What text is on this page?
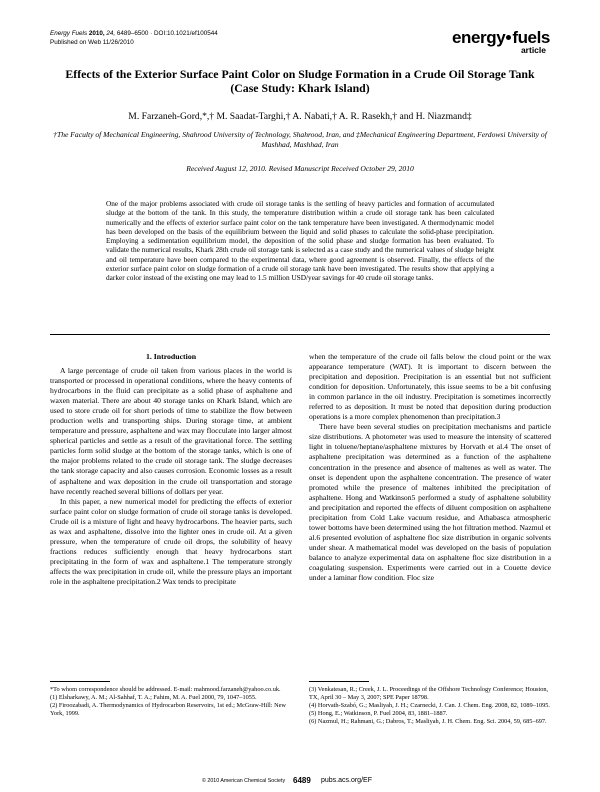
Energy Fuels 2010, 24, 6489–6500 · DOI:10.1021/ef100544
Published on Web 11/26/2010	energy fuels
article
Effects of the Exterior Surface Paint Color on Sludge Formation in a Crude Oil Storage Tank (Case Study: Khark Island)
M. Farzaneh-Gord,*,† M. Saadat-Targhi,† A. Nabati,† A. R. Rasekh,† and H. Niazmand‡
†The Faculty of Mechanical Engineering, Shahrood University of Technology, Shahrood, Iran, and ‡Mechanical Engineering Department, Ferdowsi University of Mashhad, Mashhad, Iran
Received August 12, 2010. Revised Manuscript Received October 29, 2010
One of the major problems associated with crude oil storage tanks is the settling of heavy particles and formation of accumulated sludge at the bottom of the tank. In this study, the temperature distribution within a crude oil storage tank has been calculated numerically and the effects of exterior surface paint color on the tank temperature have been investigated. A thermodynamic model has been developed on the basis of the equilibrium between the liquid and solid phases to calculate the solid-phase precipitation. Employing a sedimentation equilibrium model, the deposition of the solid phase and sludge formation has been evaluated. To validate the numerical results, Khark 28th crude oil storage tank is selected as a case study and the numerical values of sludge height and oil temperature have been compared to the experimental data, where good agreement is observed. Finally, the effects of the exterior surface paint color on sludge formation of a crude oil storage tank have been investigated. The results show that applying a darker color instead of the existing one may lead to 1.5 million USD/year savings for 40 crude oil storage tanks.
1. Introduction

A large percentage of crude oil taken from various places in the world is transported or processed in operational conditions, where the heavy contents of hydrocarbons in the fluid can precipitate as a solid phase of asphaltene and waxen material. There are about 40 storage tanks on Khark Island, which are used to store crude oil for short periods of time to stabilize the flow between production wells and transporting ships. During storage time, at ambient temperature and pressure, asphaltene and wax may flocculate into larger almost spherical particles and settle as a result of the gravitational force. The settling particles form solid sludge at the bottom of the storage tanks, which is one of the major problems related to the crude oil storage tank. The sludge decreases the tank storage capacity and also causes corrosion. Economic losses as a result of asphaltene and wax deposition in the crude oil transportation and storage have recently reached several billions of dollars per year.

In this paper, a new numerical model for predicting the effects of exterior surface paint color on sludge formation of crude oil storage tanks is developed. Crude oil is a mixture of light and heavy hydrocarbons. The heavier parts, such as wax and asphaltene, dissolve into the lighter ones in crude oil. At a given pressure, when the temperature of crude oil drops, the solubility of heavy fractions reduces sufficiently enough that heavy hydrocarbons start precipitating in the form of wax and asphaltene.1 The temperature strongly affects the wax precipitation in crude oil, while the pressure plays an important role in the asphaltene precipitation.2 Wax tends to precipitate

when the temperature of the crude oil falls below the cloud point or the wax appearance temperature (WAT). It is important to discern between the precipitation and deposition. Precipitation is an essential but not sufficient condition for deposition. Unfortunately, this issue seems to be a bit confusing in common parlance in the oil industry. Precipitation is sometimes incorrectly referred to as deposition. It must be noted that deposition during production operations is a more complex phenomenon than precipitation.3

There have been several studies on precipitation mechanisms and particle size distributions. A photometer was used to measure the intensity of scattered light in toluene/heptane/asphaltene mixtures by Horvath et al.4 The onset of asphaltene precipitation was determined as a function of the asphaltene concentration in the presence and absence of maltenes as well as water. The onset is dependent upon the asphaltene concentration. The presence of water promoted while the presence of maltenes inhibited the precipitation of asphaltene. Hong and Watkinson5 performed a study of asphaltene solubility and precipitation and reported the effects of diluent composition on asphaltene precipitation from Cold Lake vacuum residue, and Athabasca atmospheric tower bottoms have been determined using the hot filtration method. Nazmul et al.6 presented evolution of asphaltene floc size distribution in organic solvents under shear. A mathematical model was developed on the basis of population balance to analyze experimental data on asphaltene floc size distribution in a coagulating suspension. Experiments were carried out in a Couette device under a laminar flow condition. Floc size

*To whom correspondence should be addressed. E-mail: mahmood.farzaneh@yahoo.co.uk.

(1) Elsharkawy, A. M.; Al-Sahhaf, T. A.; Fahim, M. A. Fuel 2000, 79, 1047–1055.

(2) Firoozabadi, A. Thermodynamics of Hydrocarbon Reservoirs, 1st ed.; McGraw-Hill: New York, 1999.

(3) Venkatesan, R.; Creek, J. L. Proceedings of the Offshore Technology Conference; Houston, TX, April 30 – May 3, 2007; SPE Paper 18798.

(4) Horvath-Szabó, G.; Masliyah, J. H.; Czarnecki, J. Can. J. Chem. Eng. 2008, 82, 1089–1095.

(5) Hong, E.; Watkinson, P. Fuel 2004, 83, 1881–1887.

(6) Nazmul, H.; Rahmani, G.; Dabros, T.; Masliyah, J. H. Chem. Eng. Sci. 2004, 59, 685–697.

© 2010 American Chemical Society 6489 pubs.acs.org/EF
